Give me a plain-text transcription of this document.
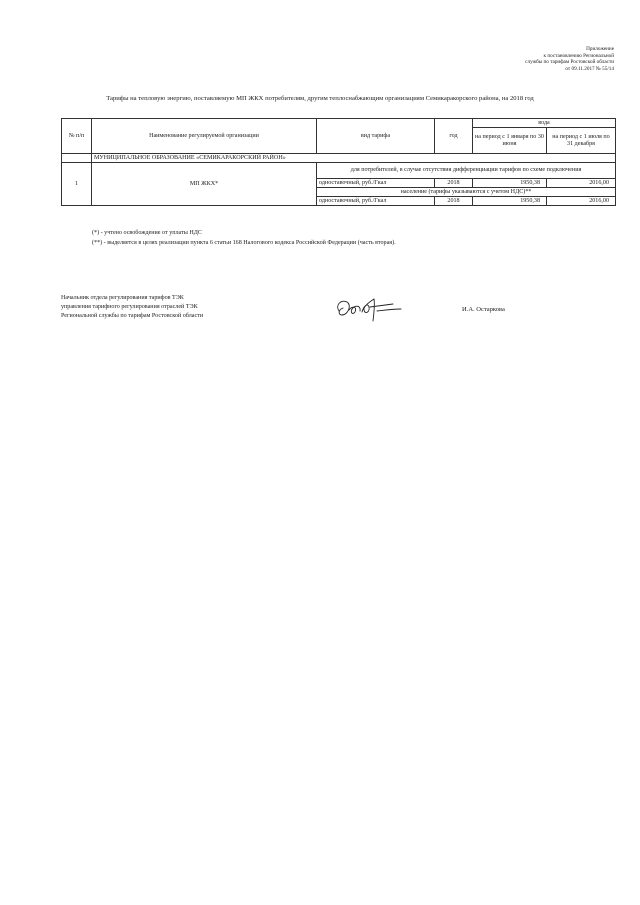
Приложение
к постановлению Региональной
службы по тарифам Ростовской области
от 09.11.2017 № 55/14
Тарифы на тепловую энергию, поставляемую МП ЖКХ потребителям, другим теплоснабжающим организациям Семикаракорского района, на 2018 год
№ п/п	Наименование регулируемой организации	вид тарифа	год	вода	
				на период с 1 января по 30 июня	на период с 1 июля по 31 декабря
	МУНИЦИПАЛЬНОЕ ОБРАЗОВАНИЕ «СЕМИКАРАКОРСКИЙ РАЙОН»				
1	МП ЖКХ*	для потребителей, в случае отсутствия дифференциации тарифов по схеме подключения			
		одноставочный, руб./Гкал	2018	1950,38	2016,00
		население (тарифы указываются с учетом НДС)**			
		одноставочный, руб./Гкал	2018	1950,38	2016,00
(*) - учтено освобождение от уплаты НДС
(**) - выделяется в целях реализации пункта 6 статьи 168 Налогового кодекса Российской Федерации (часть вторая).
Начальник отдела регулирования тарифов ТЭК
управления тарифного регулирования отраслей ТЭК
Региональной службы по тарифам Ростовской области
И.А. Остаркова
